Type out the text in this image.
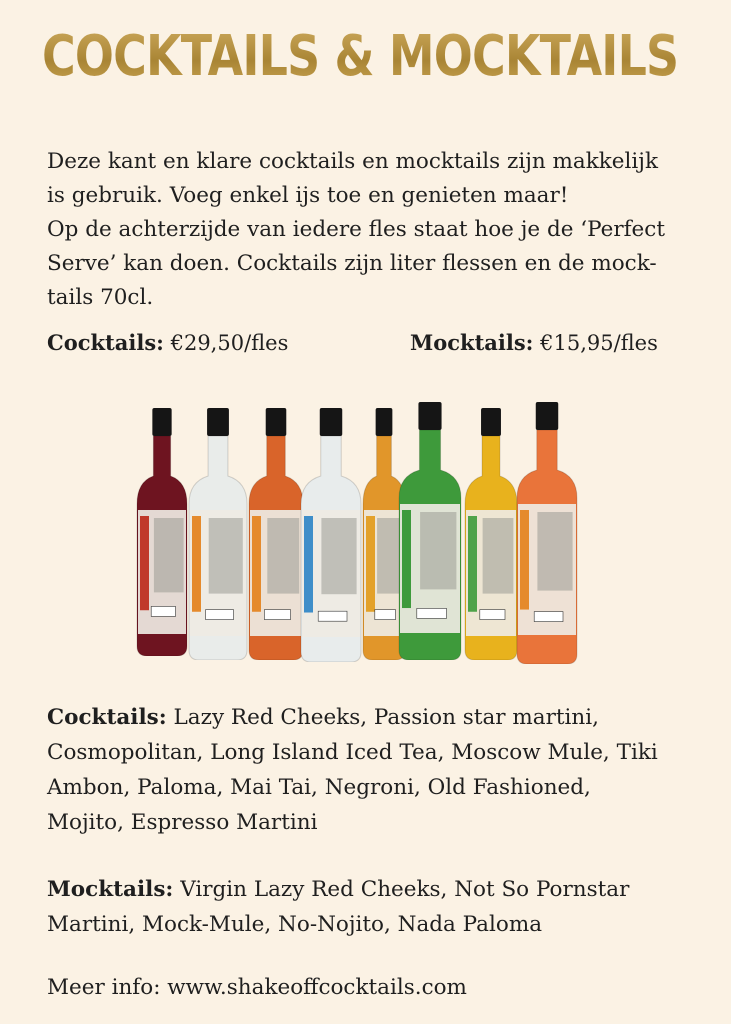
COCKTAILS & MOCKTAILS

Deze kant en klare cocktails en mocktails zijn makkelijk

is gebruik. Voeg enkel ijs toe en genieten maar!

Op de achterzijde van iedere fles staat hoe je de ‘Perfect

Serve’ kan doen. Cocktails zijn liter flessen en de mock-

tails 70cl.

Cocktails: €29,50/fles	Mocktails: €15,95/fles
Cocktails: Lazy Red Cheeks, Passion star martini,
Cosmopolitan, Long Island Iced Tea, Moscow Mule, Tiki
Ambon, Paloma, Mai Tai, Negroni, Old Fashioned,
Mojito, Espresso Martini
Mocktails: Virgin Lazy Red Cheeks, Not So Pornstar
Martini, Mock-Mule, No-Nojito, Nada Paloma
Meer info: www.shakeoffcocktails.com
